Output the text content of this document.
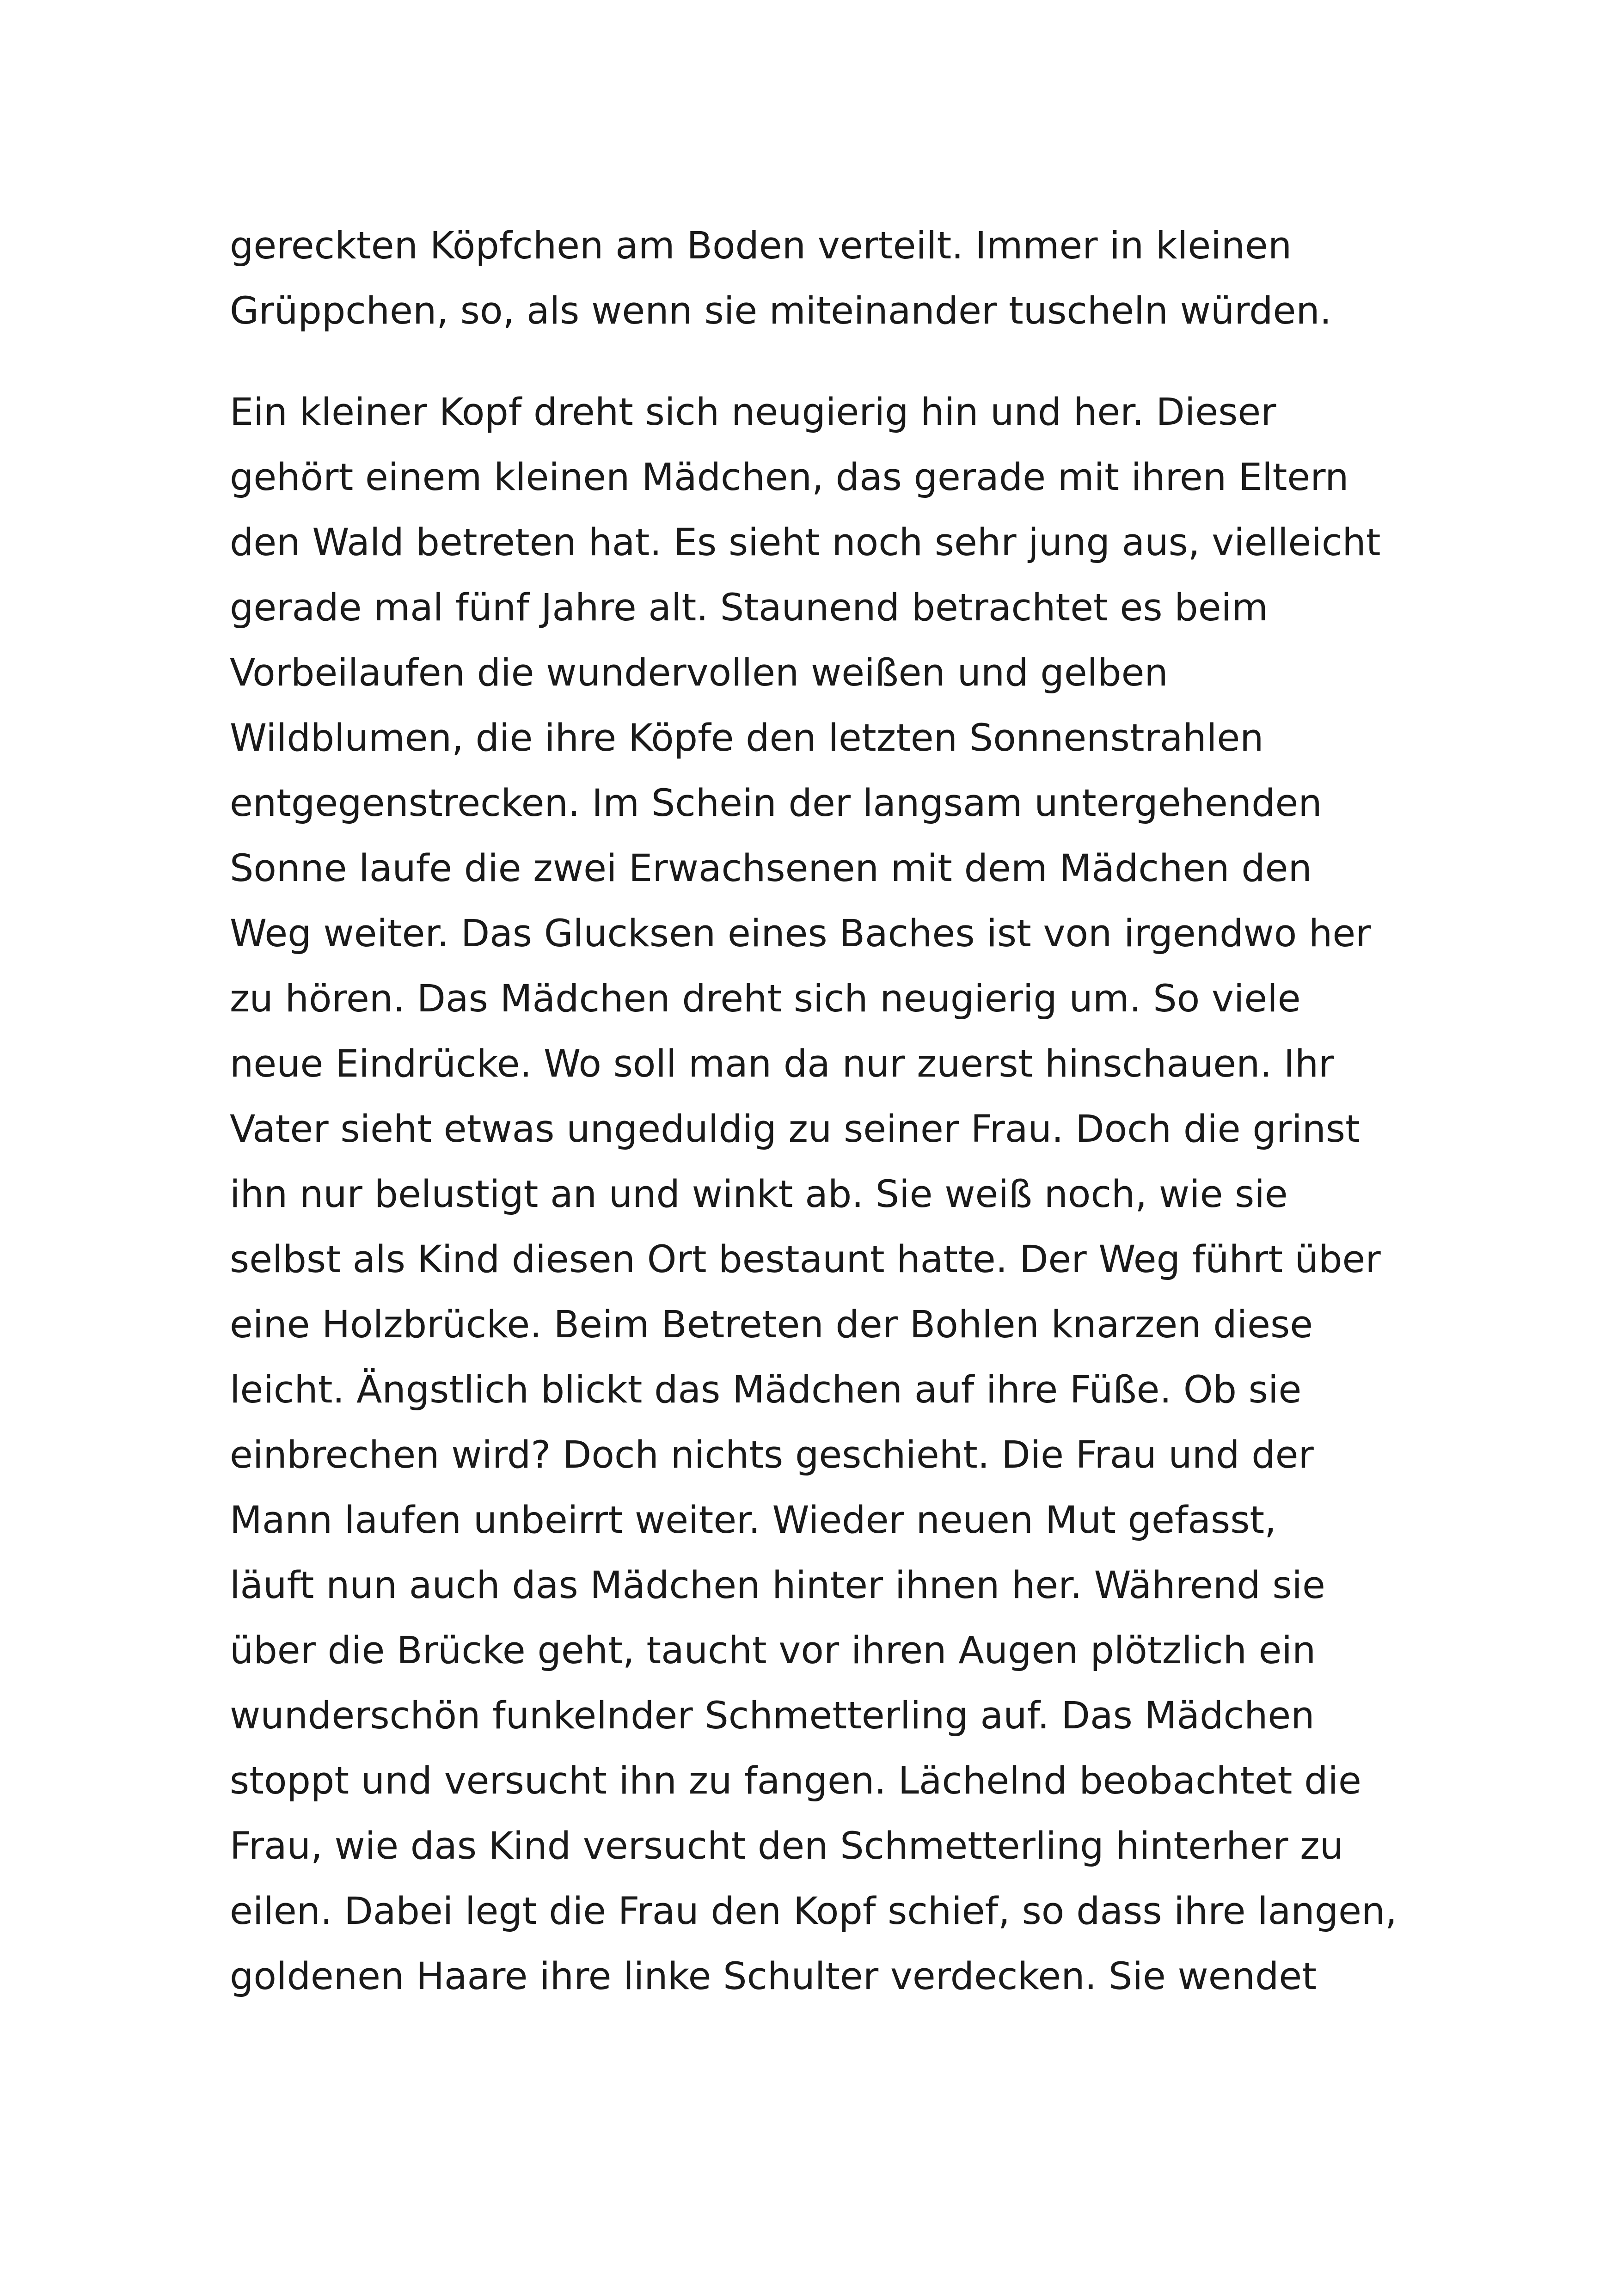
gereckten Köpfchen am Boden verteilt. Immer in kleinen
Grüppchen, so, als wenn sie miteinander tuscheln würden.
Ein kleiner Kopf dreht sich neugierig hin und her. Dieser
gehört einem kleinen Mädchen, das gerade mit ihren Eltern
den Wald betreten hat. Es sieht noch sehr jung aus, vielleicht
gerade mal fünf Jahre alt. Staunend betrachtet es beim
Vorbeilaufen die wundervollen weißen und gelben
Wildblumen, die ihre Köpfe den letzten Sonnenstrahlen
entgegenstrecken. Im Schein der langsam untergehenden
Sonne laufe die zwei Erwachsenen mit dem Mädchen den
Weg weiter. Das Glucksen eines Baches ist von irgendwo her
zu hören. Das Mädchen dreht sich neugierig um. So viele
neue Eindrücke. Wo soll man da nur zuerst hinschauen. Ihr
Vater sieht etwas ungeduldig zu seiner Frau. Doch die grinst
ihn nur belustigt an und winkt ab. Sie weiß noch, wie sie
selbst als Kind diesen Ort bestaunt hatte. Der Weg führt über
eine Holzbrücke. Beim Betreten der Bohlen knarzen diese
leicht. Ängstlich blickt das Mädchen auf ihre Füße. Ob sie
einbrechen wird? Doch nichts geschieht. Die Frau und der
Mann laufen unbeirrt weiter. Wieder neuen Mut gefasst,
läuft nun auch das Mädchen hinter ihnen her. Während sie
über die Brücke geht, taucht vor ihren Augen plötzlich ein
wunderschön funkelnder Schmetterling auf. Das Mädchen
stoppt und versucht ihn zu fangen. Lächelnd beobachtet die
Frau, wie das Kind versucht den Schmetterling hinterher zu
eilen. Dabei legt die Frau den Kopf schief, so dass ihre langen,
goldenen Haare ihre linke Schulter verdecken. Sie wendet
